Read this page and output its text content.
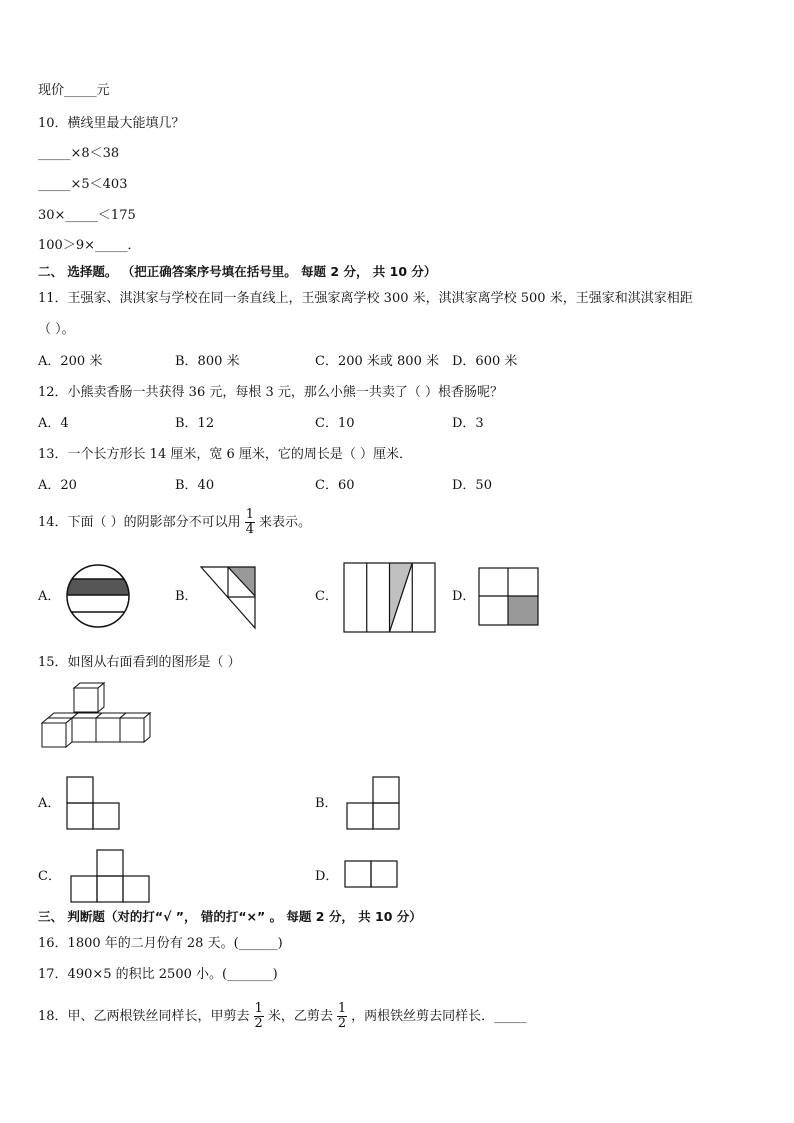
现价_____元
10．横线里最大能填几？
_____×8＜38
_____×5＜403
30×_____＜175
100＞9×_____．
二、 选择题。 （把正确答案序号填在括号里。 每题 2 分， 共 10 分）
11．王强家、淇淇家与学校在同一条直线上，王强家离学校 300 米，淇淇家离学校 500 米，王强家和淇淇家相距
（ ）。
A．200 米	B．800 米	C．200 米或 800 米 D．600 米
12．小熊卖香肠一共获得 36 元，每根 3 元，那么小熊一共卖了（ ）根香肠呢？
A．4	B．12	C．10	D．3
13．一个长方形长 14 厘米，宽 6 厘米，它的周长是（ ）厘米．
A．20	B．40	C．60	D．50
14．下面（ ）的阴影部分不可以用 $\frac{1}{4}$ 来表示。
A．	B．	C．	D．
15．如图从右面看到的图形是（ ）
A．	B．
C．	D．
三、 判断题（对的打“√ ”， 错的打“×” 。 每题 2 分， 共 10 分）
16．1800 年的二月份有 28 天。(______)
17．490×5 的积比 2500 小。(_______)
18．甲、乙两根铁丝同样长，甲剪去 $\frac{1}{2}$ 米，乙剪去 $\frac{1}{2}$ ，两根铁丝剪去同样长．_____
